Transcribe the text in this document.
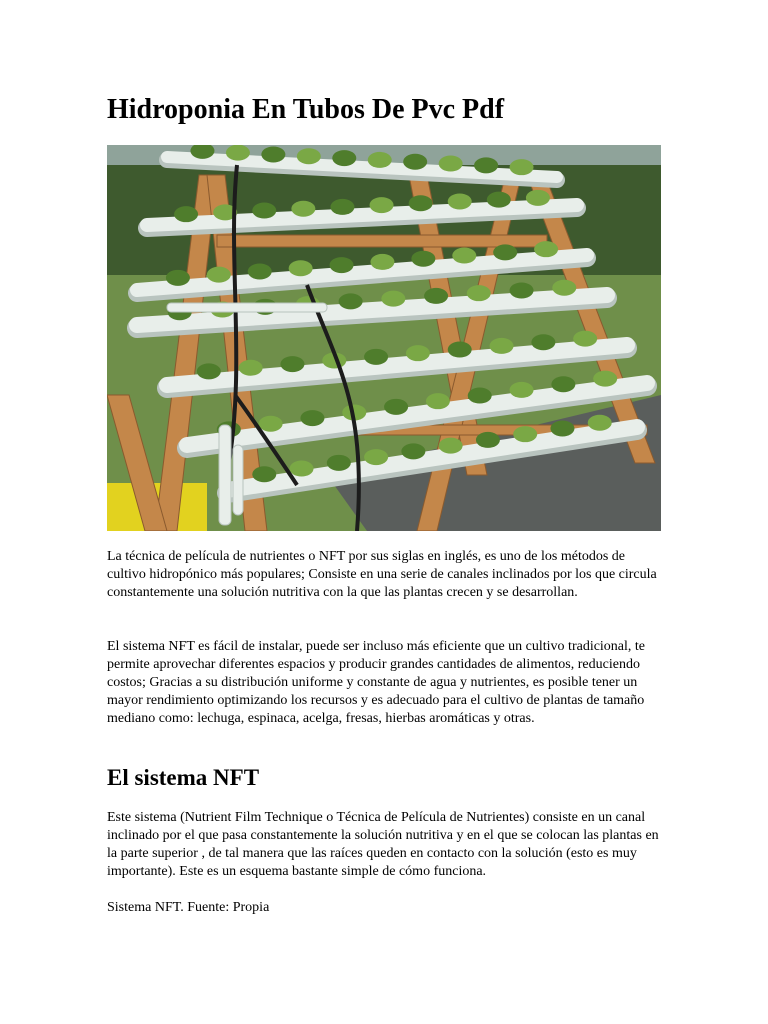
Hidroponia En Tubos De Pvc Pdf

La técnica de película de nutrientes o NFT por sus siglas en inglés, es uno de los métodos de cultivo hidropónico más populares; Consiste en una serie de canales inclinados por los que circula constantemente una solución nutritiva con la que las plantas crecen y se desarrollan.

El sistema NFT es fácil de instalar, puede ser incluso más eficiente que un cultivo tradicional, te permite aprovechar diferentes espacios y producir grandes cantidades de alimentos, reduciendo costos; Gracias a su distribución uniforme y constante de agua y nutrientes, es posible tener un mayor rendimiento optimizando los recursos y es adecuado para el cultivo de plantas de tamaño mediano como: lechuga, espinaca, acelga, fresas, hierbas aromáticas y otras.

El sistema NFT

Este sistema (Nutrient Film Technique o Técnica de Película de Nutrientes) consiste en un canal inclinado por el que pasa constantemente la solución nutritiva y en el que se colocan las plantas en la parte superior , de tal manera que las raíces queden en contacto con la solución (esto es muy importante). Este es un esquema bastante simple de cómo funciona.

Sistema NFT. Fuente: Propia
